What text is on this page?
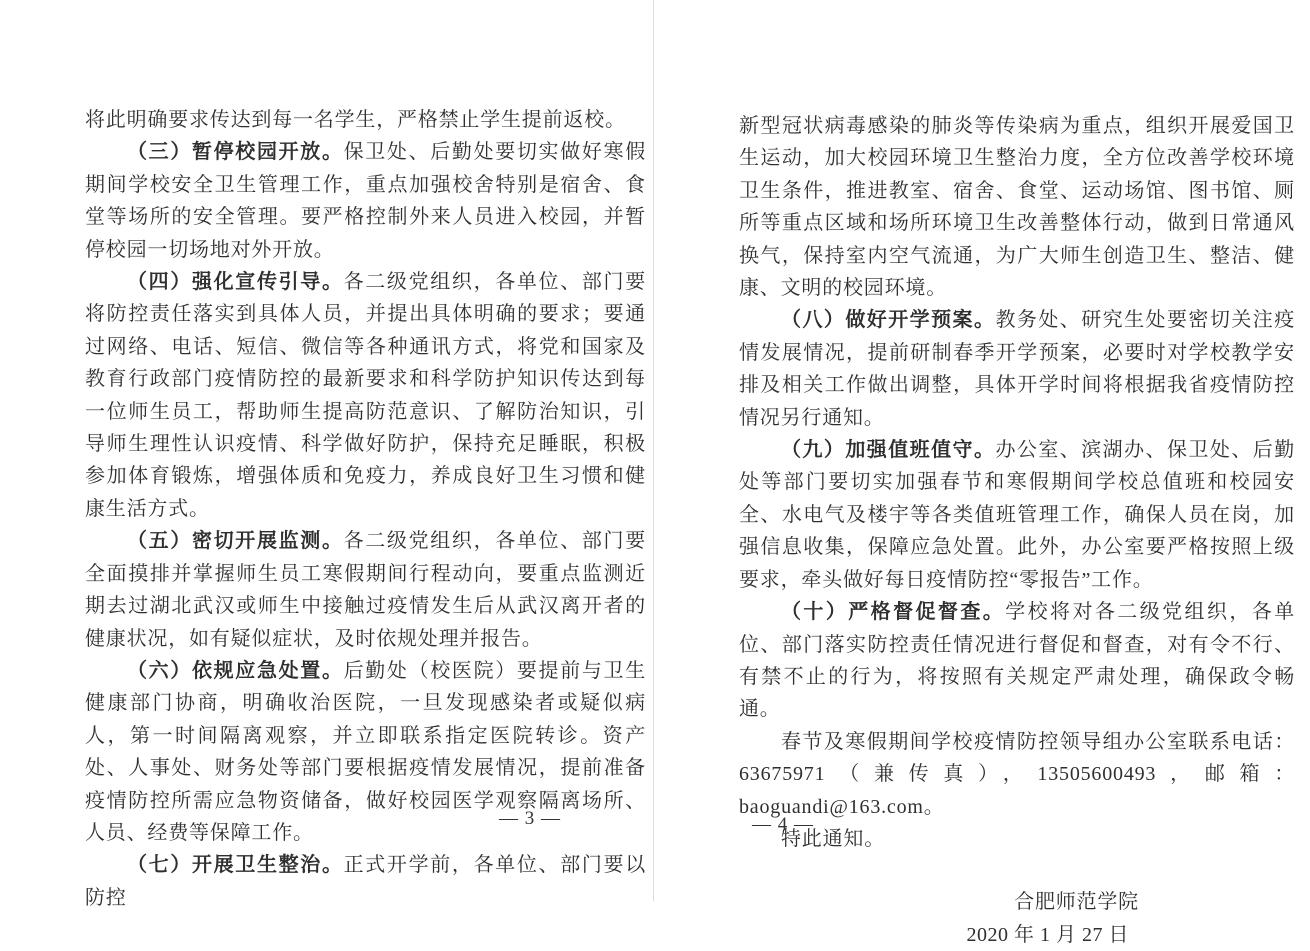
将此明确要求传达到每一名学生，严格禁止学生提前返校。

（三）暂停校园开放。保卫处、后勤处要切实做好寒假期间学校安全卫生管理工作，重点加强校舍特别是宿舍、食堂等场所的安全管理。要严格控制外来人员进入校园，并暂停校园一切场地对外开放。

（四）强化宣传引导。各二级党组织，各单位、部门要将防控责任落实到具体人员，并提出具体明确的要求；要通过网络、电话、短信、微信等各种通讯方式，将党和国家及教育行政部门疫情防控的最新要求和科学防护知识传达到每一位师生员工，帮助师生提高防范意识、了解防治知识，引导师生理性认识疫情、科学做好防护，保持充足睡眠，积极参加体育锻炼，增强体质和免疫力，养成良好卫生习惯和健康生活方式。

（五）密切开展监测。各二级党组织，各单位、部门要全面摸排并掌握师生员工寒假期间行程动向，要重点监测近期去过湖北武汉或师生中接触过疫情发生后从武汉离开者的健康状况，如有疑似症状，及时依规处理并报告。

（六）依规应急处置。后勤处（校医院）要提前与卫生健康部门协商，明确收治医院，一旦发现感染者或疑似病人，第一时间隔离观察，并立即联系指定医院转诊。资产处、人事处、财务处等部门要根据疫情发展情况，提前准备疫情防控所需应急物资储备，做好校园医学观察隔离场所、人员、经费等保障工作。

（七）开展卫生整治。正式开学前，各单位、部门要以防控

新型冠状病毒感染的肺炎等传染病为重点，组织开展爱国卫生运动，加大校园环境卫生整治力度，全方位改善学校环境卫生条件，推进教室、宿舍、食堂、运动场馆、图书馆、厕所等重点区域和场所环境卫生改善整体行动，做到日常通风换气，保持室内空气流通，为广大师生创造卫生、整洁、健康、文明的校园环境。

（八）做好开学预案。教务处、研究生处要密切关注疫情发展情况，提前研制春季开学预案，必要时对学校教学安排及相关工作做出调整，具体开学时间将根据我省疫情防控情况另行通知。

（九）加强值班值守。办公室、滨湖办、保卫处、后勤处等部门要切实加强春节和寒假期间学校总值班和校园安全、水电气及楼宇等各类值班管理工作，确保人员在岗，加强信息收集，保障应急处置。此外，办公室要严格按照上级要求，牵头做好每日疫情防控“零报告”工作。

（十）严格督促督查。学校将对各二级党组织，各单位、部门落实防控责任情况进行督促和督查，对有令不行、有禁不止的行为，将按照有关规定严肃处理，确保政令畅通。

春节及寒假期间学校疫情防控领导组办公室联系电话：63675971（兼传真），13505600493，邮箱：baoguandi@163.com。

特此通知。

合肥师范学院
2020 年 1 月 27 日
— 3 —	— 4 —
